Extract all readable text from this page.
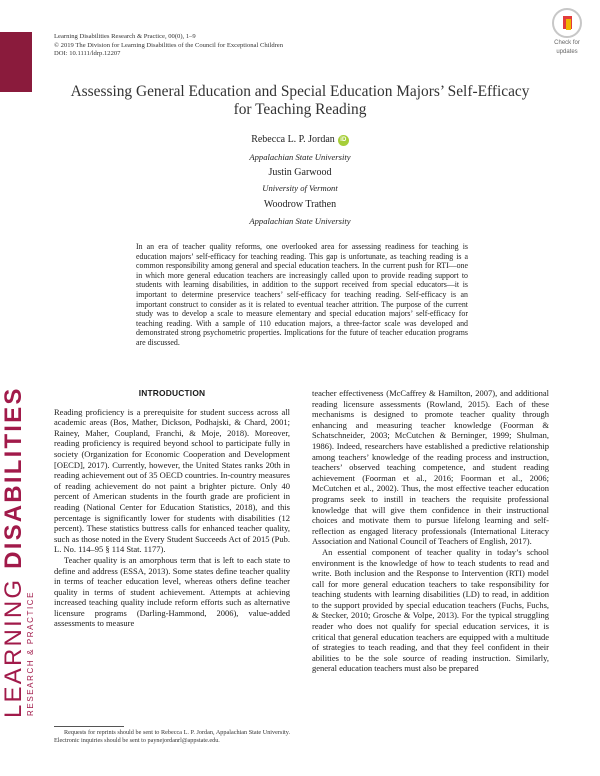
LEARNING DISABILITIES
RESEARCH & PRACTICE
Learning Disabilities Research & Practice, 00(0), 1–9
© 2019 The Division for Learning Disabilities of the Council for Exceptional Children
DOI: 10.1111/ldrp.12207
Check for
updates
Assessing General Education and Special Education Majors’ Self-Efficacy
for Teaching Reading
Rebecca L. P. Jordan iD
Appalachian State University
Justin Garwood
University of Vermont
Woodrow Trathen
Appalachian State University
In an era of teacher quality reforms, one overlooked area for assessing readiness for teaching is education majors’ self-efficacy for teaching reading. This gap is unfortunate, as teaching reading is a common responsibility among general and special education teachers. In the current push for RTI—one in which more general education teachers are increasingly called upon to provide reading support to students with learning disabilities, in addition to the support received from special educators—it is important to determine preservice teachers’ self-efficacy for teaching reading. Self-efficacy is an important construct to consider as it is related to eventual teacher attrition. The purpose of the current study was to develop a scale to measure elementary and special education majors’ self-efficacy for teaching reading. With a sample of 110 education majors, a three-factor scale was developed and demonstrated strong psychometric properties. Implications for the future of teacher education programs are discussed.
INTRODUCTION

Reading proficiency is a prerequisite for student success across all academic areas (Bos, Mather, Dickson, Podhajski, & Chard, 2001; Rainey, Maher, Coupland, Franchi, & Moje, 2018). Moreover, reading proficiency is required beyond school to participate fully in society (Organization for Economic Cooperation and Development [OECD], 2017). Currently, however, the United States ranks 20th in reading achievement out of 35 OECD countries. In-country measures of reading achievement do not paint a brighter picture. Only 40 percent of American students in the fourth grade are proficient in reading (National Center for Education Statistics, 2018), and this percentage is significantly lower for students with disabilities (12 percent). These statistics buttress calls for enhanced teacher quality, such as those noted in the Every Student Succeeds Act of 2015 (Pub. L. No. 114–95 § 114 Stat. 1177).

Teacher quality is an amorphous term that is left to each state to define and address (ESSA, 2013). Some states define teacher quality in terms of teacher education level, whereas others define teacher quality in terms of student achievement. Attempts at achieving increased teaching quality include reform efforts such as alternative licensure programs (Darling-Hammond, 2006), value-added assessments to measure

teacher effectiveness (McCaffrey & Hamilton, 2007), and additional reading licensure assessments (Rowland, 2015). Each of these mechanisms is designed to promote teacher quality through enhancing and measuring teacher knowledge (Foorman & Schatschneider, 2003; McCutchen & Berninger, 1999; Shulman, 1986). Indeed, researchers have established a predictive relationship among teachers’ knowledge of the reading process and instruction, teachers’ observed teaching competence, and student reading achievement (Foorman et al., 2016; Foorman et al., 2006; McCutchen et al., 2002). Thus, the most effective teacher education programs seek to instill in teachers the requisite professional knowledge that will give them confidence in their instructional choices and motivate them to pursue lifelong learning and self-reflection as engaged literacy professionals (International Literacy Association and National Council of Teachers of English, 2017).

An essential component of teacher quality in today’s school environment is the knowledge of how to teach students to read and write. Both inclusion and the Response to Intervention (RTI) model call for more general education teachers to take responsibility for teaching students with learning disabilities (LD) to read, in addition to the support provided by special education teachers (Fuchs, Fuchs, & Stecker, 2010; Grosche & Volpe, 2013). For the typical struggling reader who does not qualify for special education services, it is critical that general education teachers are equipped with a multitude of strategies to teach reading, and that they feel confident in their abilities to be the sole source of reading instruction. Similarly, general education teachers must also be prepared

Requests for reprints should be sent to Rebecca L. P. Jordan, Appalachian State University. Electronic inquiries should be sent to paynejordanrl@appstate.edu.
